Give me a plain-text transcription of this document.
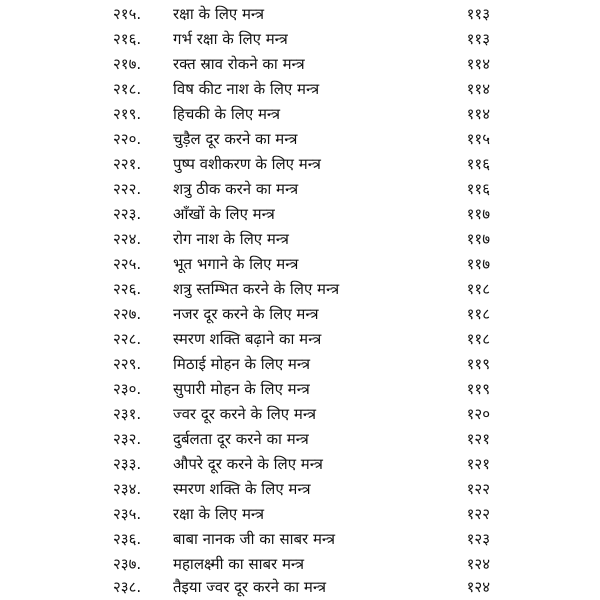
२१५. रक्षा के लिए मन्त्र	११३
२१६. गर्भ रक्षा के लिए मन्त्र	११३
२१७. रक्त स्राव रोकने का मन्त्र	११४
२१८. विष कीट नाश के लिए मन्त्र	११४
२१९. हिचकी के लिए मन्त्र	११४
२२०. चुड़ैल दूर करने का मन्त्र	११५
२२१. पुष्प वशीकरण के लिए मन्त्र	११६
२२२. शत्रु ठीक करने का मन्त्र	११६
२२३. आँखों के लिए मन्त्र	११७
२२४. रोग नाश के लिए मन्त्र	११७
२२५. भूत भगाने के लिए मन्त्र	११७
२२६. शत्रु स्तम्भित करने के लिए मन्त्र	११८
२२७. नजर दूर करने के लिए मन्त्र	११८
२२८. स्मरण शक्ति बढ़ाने का मन्त्र	११८
२२९. मिठाई मोहन के लिए मन्त्र	११९
२३०. सुपारी मोहन के लिए मन्त्र	११९
२३१. ज्वर दूर करने के लिए मन्त्र	१२०
२३२. दुर्बलता दूर करने का मन्त्र	१२१
२३३. औपरे दूर करने के लिए मन्त्र	१२१
२३४. स्मरण शक्ति के लिए मन्त्र	१२२
२३५. रक्षा के लिए मन्त्र	१२२
२३६. बाबा नानक जी का साबर मन्त्र	१२३
२३७. महालक्ष्मी का साबर मन्त्र	१२४
२३८. तैइया ज्वर दूर करने का मन्त्र	१२४
